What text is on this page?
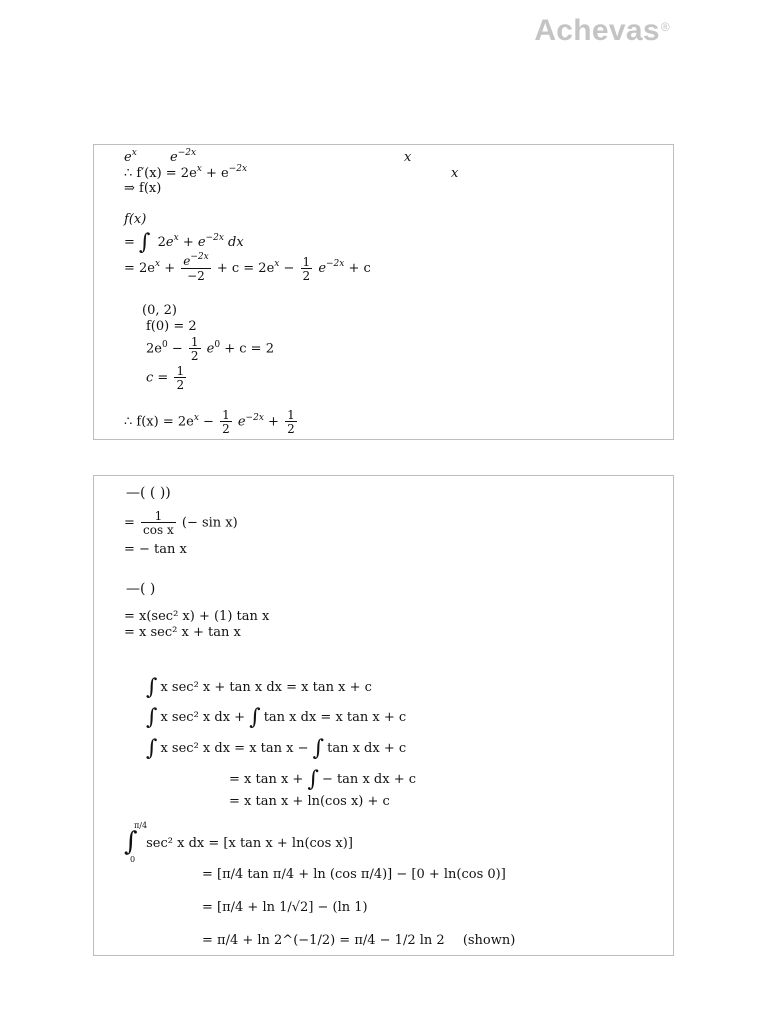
Achevas®
$e^x$	$e^{-2x}$	x
∴ $f'(x) = 2e^x + e^{-2x}$	x
⇒ f(x)
f(x)
= ∫ $2e^x + e^{-2x}$ dx
= $2e^x + \frac{e^{-2x}}{-2} + c = 2e^x - \frac{1}{2} e^{-2x} + c$
(0, 2)
f(0) = 2
$2e^0 - \frac{1}{2} e^0 + c = 2$
$c = \frac{1}{2}$
∴ $f(x) = 2e^x - \frac{1}{2} e^{-2x} + \frac{1}{2}$
—( ( ))
= $\frac{1}{\text{cos x}}$ (− sin x)
= − tan x
—( )
= x(sec² x) + (1) tan x
= x sec² x + tan x
∫ x sec² x + tan x dx = x tan x + c
∫ x sec² x dx + ∫ tan x dx = x tan x + c
∫ x sec² x dx = x tan x − ∫ tan x dx + c
= x tan x + ∫ − tan x dx + c
= x tan x + ln(cos x) + c
∫
π/4
0
sec² x dx = [x tan x + ln(cos x)]
= [π/4 tan π/4 + ln (cos π/4)] − [0 + ln(cos 0)]
= [π/4 + ln 1/√2] − (ln 1)
= π/4 + ln 2^(−1/2) = π/4 − 1/2 ln 2 (shown)
